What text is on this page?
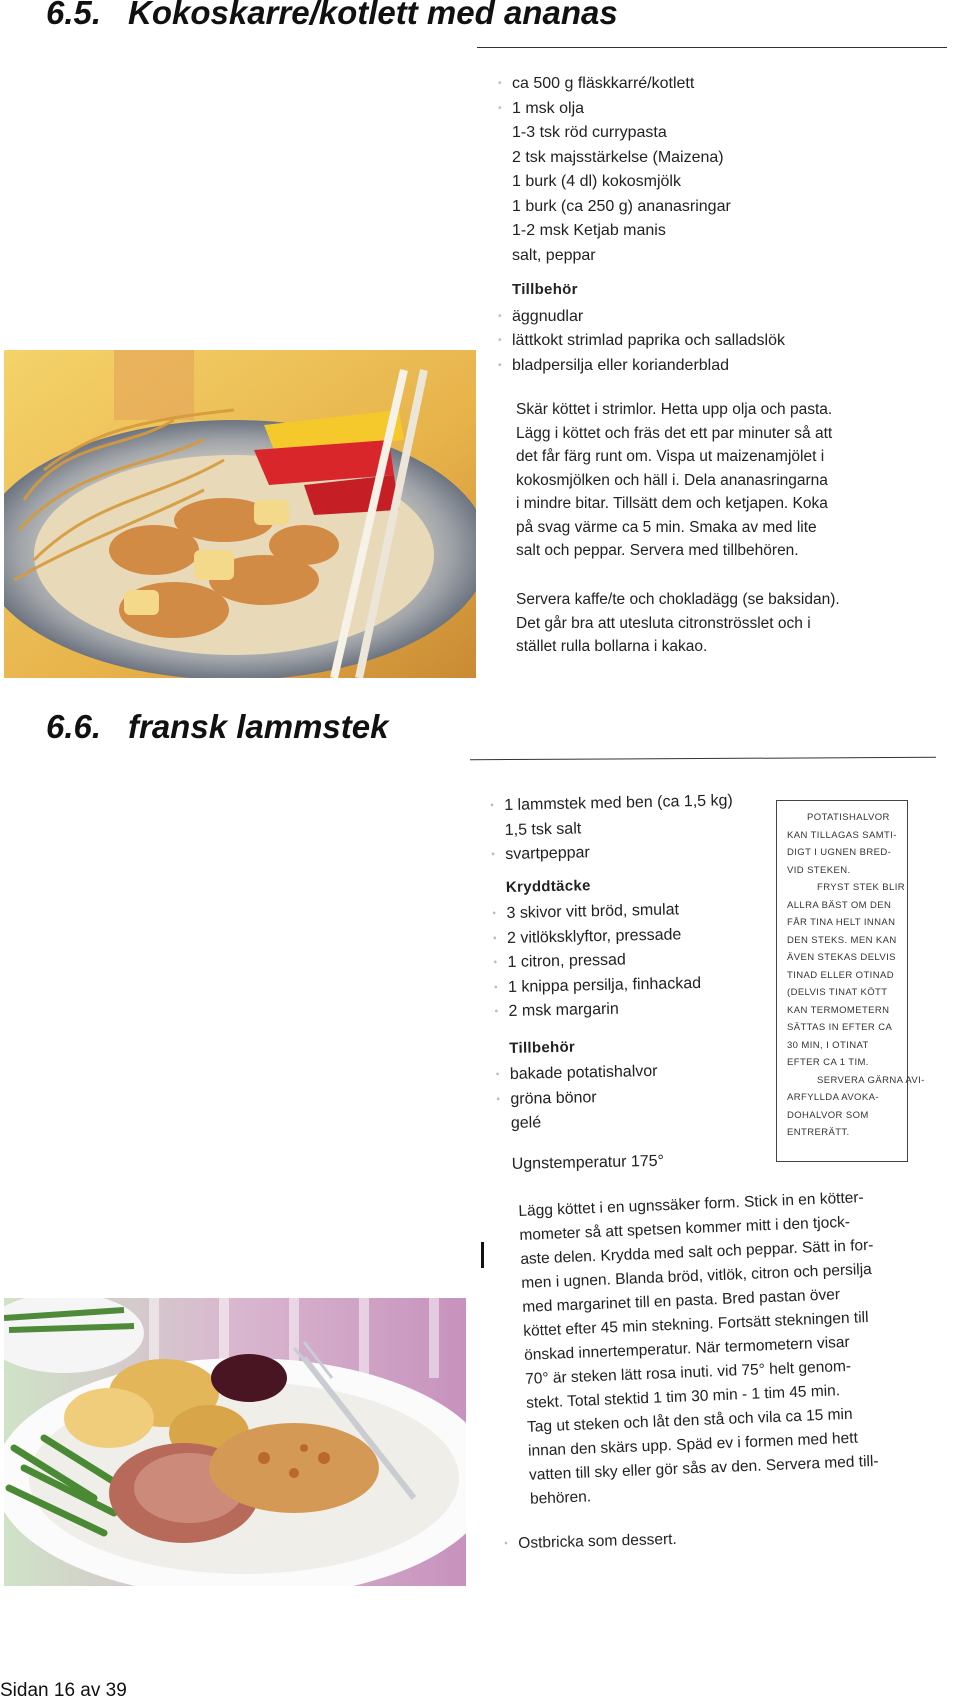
6.5. Kokoskarre/kotlett med ananas
• ca 500 g fläskkarré/kotlett
• 1 msk olja
1-3 tsk röd currypasta
2 tsk majsstärkelse (Maizena)
1 burk (4 dl) kokosmjölk
1 burk (ca 250 g) ananasringar
1-2 msk Ketjab manis
salt, peppar
Tillbehör
• äggnudlar
• lättkokt strimlad paprika och salladslök
• bladpersilja eller korianderblad
Skär köttet i strimlor. Hetta upp olja och pasta.
Lägg i köttet och fräs det ett par minuter så att
det får färg runt om. Vispa ut maizenamjölet i
kokosmjölken och häll i. Dela ananasringarna
i mindre bitar. Tillsätt dem och ketjapen. Koka
på svag värme ca 5 min. Smaka av med lite
salt och peppar. Servera med tillbehören.
Servera kaffe/te och chokladägg (se baksidan).
Det går bra att utesluta citronströsslet och i
stället rulla bollarna i kakao.
6.6. fransk lammstek
• 1 lammstek med ben (ca 1,5 kg)
1,5 tsk salt
• svartpeppar
Kryddtäcke
• 3 skivor vitt bröd, smulat
• 2 vitlöksklyftor, pressade
• 1 citron, pressad
• 1 knippa persilja, finhackad
• 2 msk margarin
Tillbehör
• bakade potatishalvor
• gröna bönor
gelé
Ugnstemperatur 175°
POTATISHALVOR
KAN TILLAGAS SAMTI-
DIGT I UGNEN BRED-
VID STEKEN.
FRYST STEK BLIR
ALLRA BÄST OM DEN
FÅR TINA HELT INNAN
DEN STEKS. MEN KAN
ÄVEN STEKAS DELVIS
TINAD ELLER OTINAD
(DELVIS TINAT KÖTT
KAN TERMOMETERN
SÄTTAS IN EFTER CA
30 MIN, I OTINAT
EFTER CA 1 TIM.
SERVERA GÄRNA AVI-
ARFYLLDA AVOKA-
DOHALVOR SOM
ENTRERÄTT.
Lägg köttet i en ugnssäker form. Stick in en kötter-
mometer så att spetsen kommer mitt i den tjock-
aste delen. Krydda med salt och peppar. Sätt in for-
men i ugnen. Blanda bröd, vitlök, citron och persilja
med margarinet till en pasta. Bred pastan över
köttet efter 45 min stekning. Fortsätt stekningen till
önskad innertemperatur. När termometern visar
70° är steken lätt rosa inuti. vid 75° helt genom-
stekt. Total stektid 1 tim 30 min - 1 tim 45 min.
Tag ut steken och låt den stå och vila ca 15 min
innan den skärs upp. Späd ev i formen med hett
vatten till sky eller gör sås av den. Servera med till-
behören.
• Ostbricka som dessert.
Sidan 16 av 39
